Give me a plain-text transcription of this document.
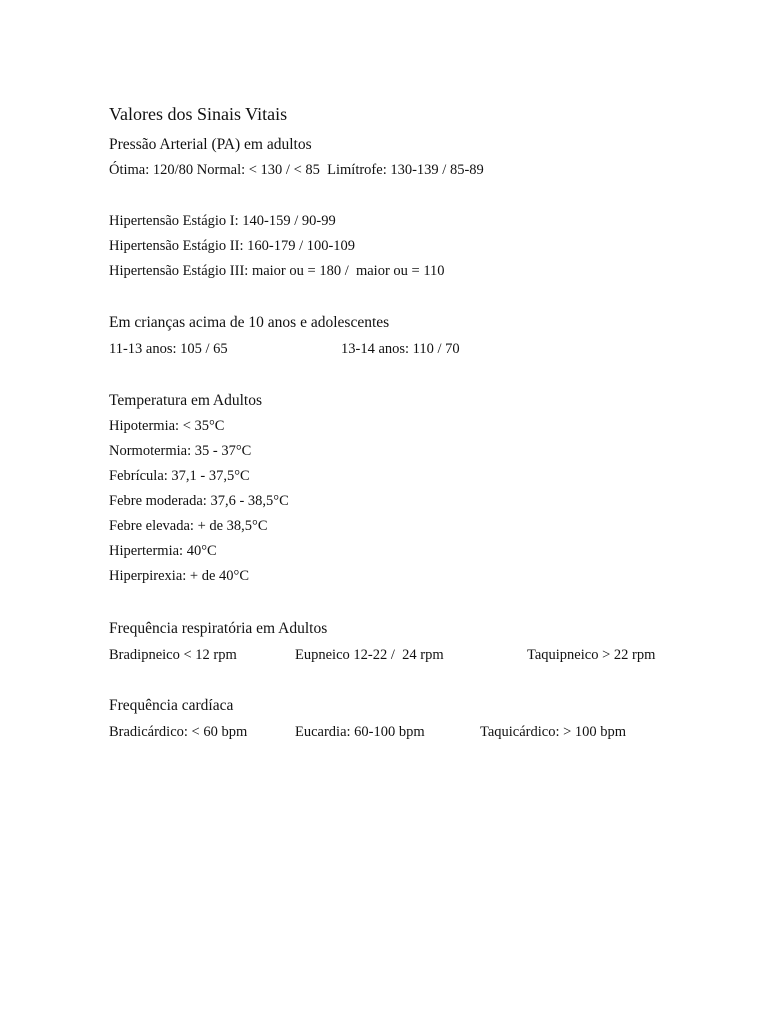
Valores dos Sinais Vitais
Pressão Arterial (PA) em adultos
Ótima: 120/80 Normal: < 130 / < 85  Limítrofe: 130-139 / 85-89
Hipertensão Estágio I: 140-159 / 90-99
Hipertensão Estágio II: 160-179 / 100-109
Hipertensão Estágio III: maior ou = 180 /  maior ou = 110
Em crianças acima de 10 anos e adolescentes
11-13 anos: 105 / 65	13-14 anos: 110 / 70
Temperatura em Adultos
Hipotermia: < 35°C
Normotermia: 35 - 37°C
Febrícula: 37,1 - 37,5°C
Febre moderada: 37,6 - 38,5°C
Febre elevada: + de 38,5°C
Hipertermia: 40°C
Hiperpirexia: + de 40°C
Frequência respiratória em Adultos
Bradipneico < 12 rpm	Eupneico 12-22 /  24 rpm	Taquipneico > 22 rpm
Frequência cardíaca
Bradicárdico: < 60 bpm	Eucardia: 60-100 bpm	Taquicárdico: > 100 bpm
